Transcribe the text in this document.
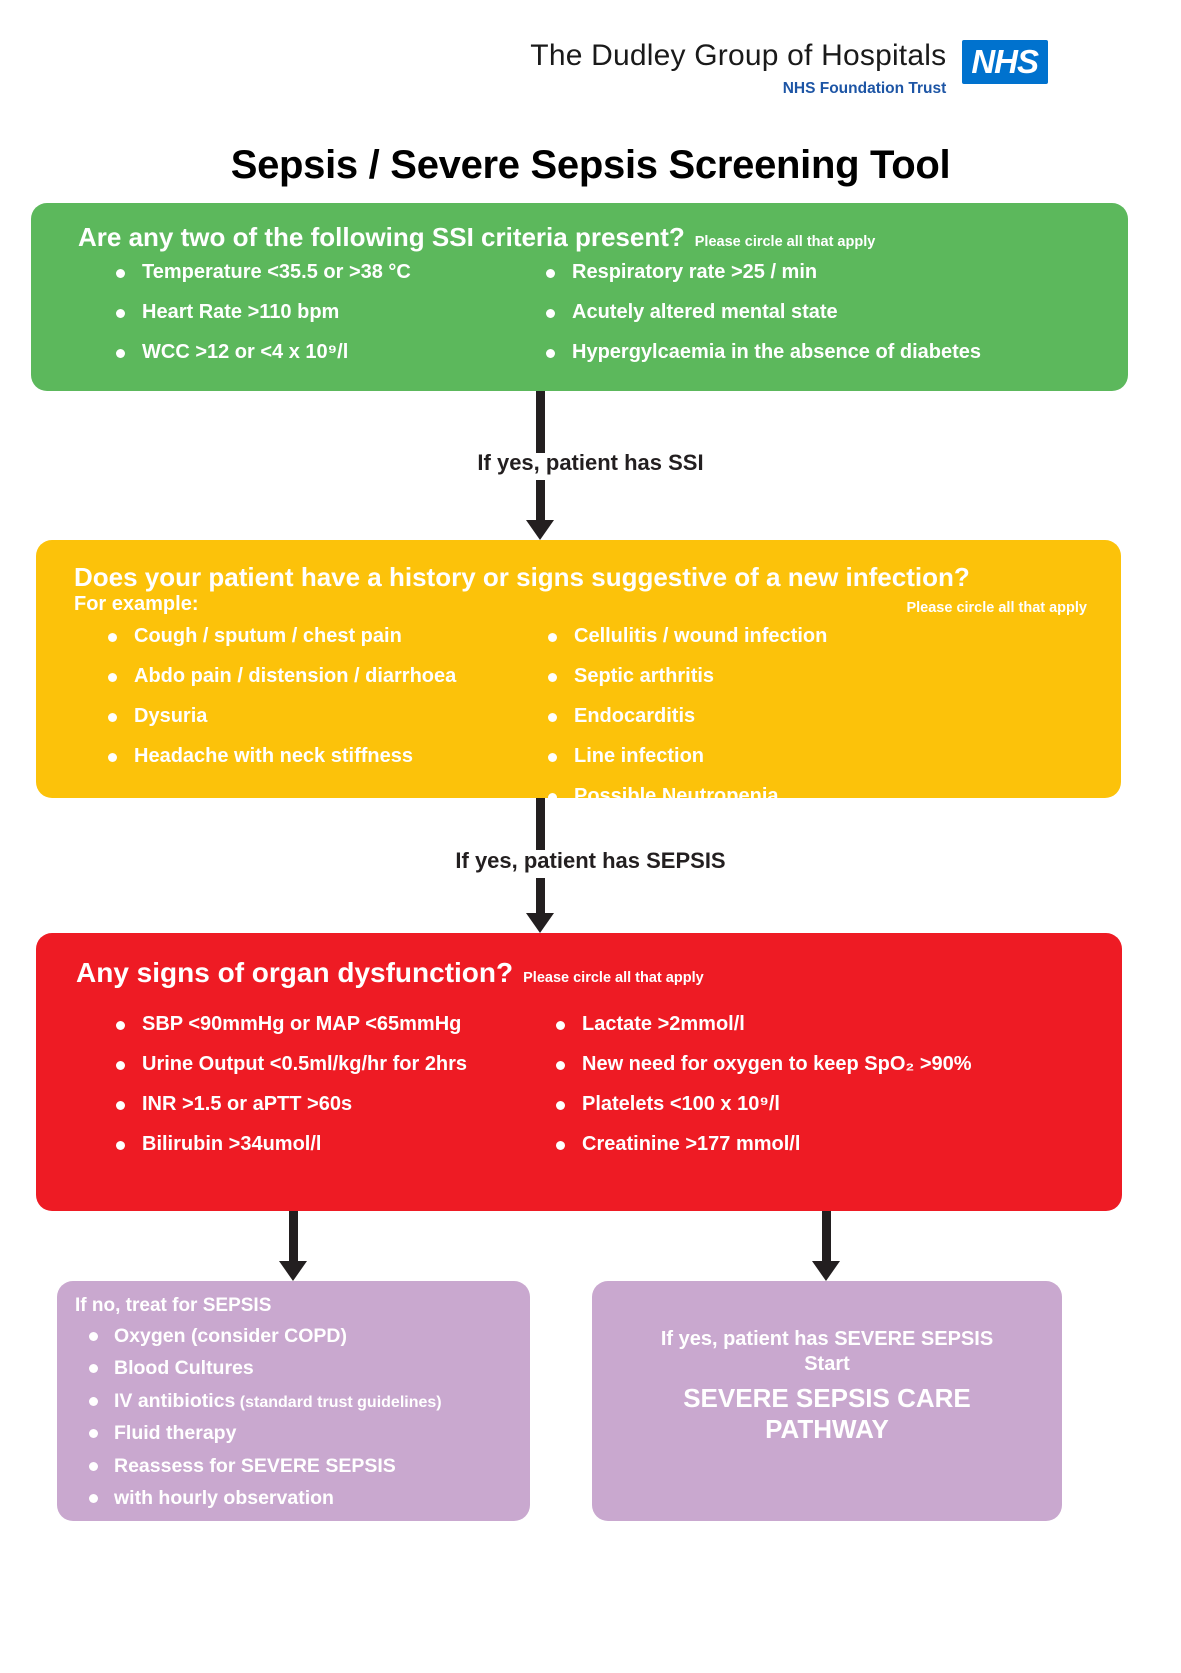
The Dudley Group of Hospitals
NHS Foundation Trust
NHS
Sepsis / Severe Sepsis Screening Tool
Are any two of the following SSI criteria present? Please circle all that apply
Temperature <35.5 or >38 °C
Heart Rate >110 bpm
WCC >12 or <4 x 10⁹/l
Respiratory rate >25 / min
Acutely altered mental state
Hypergylcaemia in the absence of diabetes
If yes, patient has SSI
Does your patient have a history or signs suggestive of a new infection?
For example:	Please circle all that apply
Cough / sputum / chest pain
Abdo pain / distension / diarrhoea
Dysuria
Headache with neck stiffness
Cellulitis / wound infection
Septic arthritis
Endocarditis
Line infection
Possible Neutropenia
If yes, patient has SEPSIS
Any signs of organ dysfunction? Please circle all that apply
SBP <90mmHg or MAP <65mmHg
Urine Output <0.5ml/kg/hr for 2hrs
INR >1.5 or aPTT >60s
Bilirubin >34umol/l
Lactate >2mmol/l
New need for oxygen to keep SpO₂ >90%
Platelets <100 x 10⁹/l
Creatinine >177 mmol/l
If no, treat for SEPSIS
Oxygen (consider COPD)
Blood Cultures
IV antibiotics (standard trust guidelines)
Fluid therapy
Reassess for SEVERE SEPSIS
with hourly observation
If yes, patient has SEVERE SEPSIS
Start
SEVERE SEPSIS CARE
PATHWAY
